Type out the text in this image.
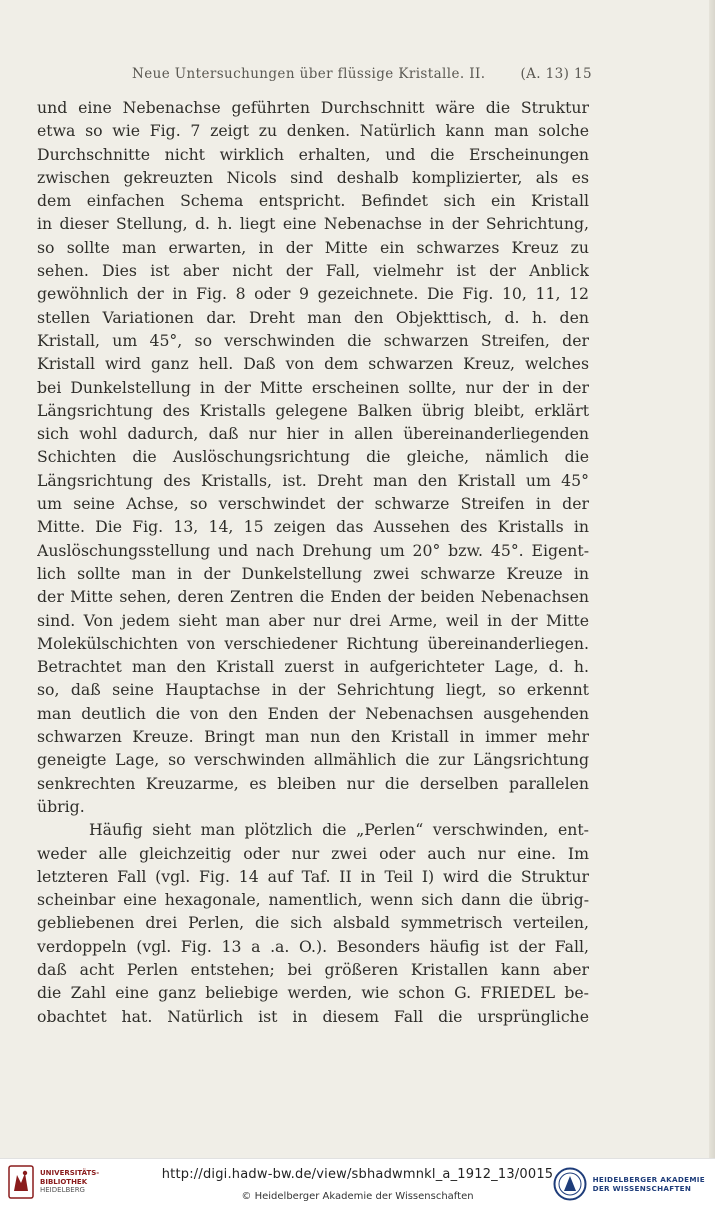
Neue Untersuchungen über flüssige Kristalle. II.	(A. 13) 15
und eine Nebenachse geführten Durchschnitt wäre die Struktur
etwa so wie Fig. 7 zeigt zu denken. Natürlich kann man solche
Durchschnitte nicht wirklich erhalten, und die Erscheinungen
zwischen gekreuzten Nicols sind deshalb komplizierter, als es
dem einfachen Schema entspricht. Befindet sich ein Kristall
in dieser Stellung, d. h. liegt eine Nebenachse in der Sehrichtung,
so sollte man erwarten, in der Mitte ein schwarzes Kreuz zu
sehen. Dies ist aber nicht der Fall, vielmehr ist der Anblick
gewöhnlich der in Fig. 8 oder 9 gezeichnete. Die Fig. 10, 11, 12
stellen Variationen dar. Dreht man den Objekttisch, d. h. den
Kristall, um 45°, so verschwinden die schwarzen Streifen, der
Kristall wird ganz hell. Daß von dem schwarzen Kreuz, welches
bei Dunkelstellung in der Mitte erscheinen sollte, nur der in der
Längsrichtung des Kristalls gelegene Balken übrig bleibt, erklärt
sich wohl dadurch, daß nur hier in allen übereinanderliegenden
Schichten die Auslöschungsrichtung die gleiche, nämlich die
Längsrichtung des Kristalls, ist. Dreht man den Kristall um 45°
um seine Achse, so verschwindet der schwarze Streifen in der
Mitte. Die Fig. 13, 14, 15 zeigen das Aussehen des Kristalls in
Auslöschungsstellung und nach Drehung um 20° bzw. 45°. Eigent-
lich sollte man in der Dunkelstellung zwei schwarze Kreuze in
der Mitte sehen, deren Zentren die Enden der beiden Nebenachsen
sind. Von jedem sieht man aber nur drei Arme, weil in der Mitte
Molekülschichten von verschiedener Richtung übereinanderliegen.
Betrachtet man den Kristall zuerst in aufgerichteter Lage, d. h.
so, daß seine Hauptachse in der Sehrichtung liegt, so erkennt
man deutlich die von den Enden der Nebenachsen ausgehenden
schwarzen Kreuze. Bringt man nun den Kristall in immer mehr
geneigte Lage, so verschwinden allmählich die zur Längsrichtung
senkrechten Kreuzarme, es bleiben nur die derselben parallelen
übrig.
Häufig sieht man plötzlich die „Perlen“ verschwinden, ent-
weder alle gleichzeitig oder nur zwei oder auch nur eine. Im
letzteren Fall (vgl. Fig. 14 auf Taf. II in Teil I) wird die Struktur
scheinbar eine hexagonale, namentlich, wenn sich dann die übrig-
gebliebenen drei Perlen, die sich alsbald symmetrisch verteilen,
verdoppeln (vgl. Fig. 13 a .a. O.). Besonders häufig ist der Fall,
daß acht Perlen entstehen; bei größeren Kristallen kann aber
die Zahl eine ganz beliebige werden, wie schon G. FRIEDEL be-
obachtet hat. Natürlich ist in diesem Fall die ursprüngliche
UNIVERSITÄTS-
BIBLIOTHEK
HEIDELBERG
http://digi.hadw-bw.de/view/sbhadwmnkl_a_1912_13/0015
© Heidelberger Akademie der Wissenschaften
HEIDELBERGER AKADEMIE
DER WISSENSCHAFTEN
